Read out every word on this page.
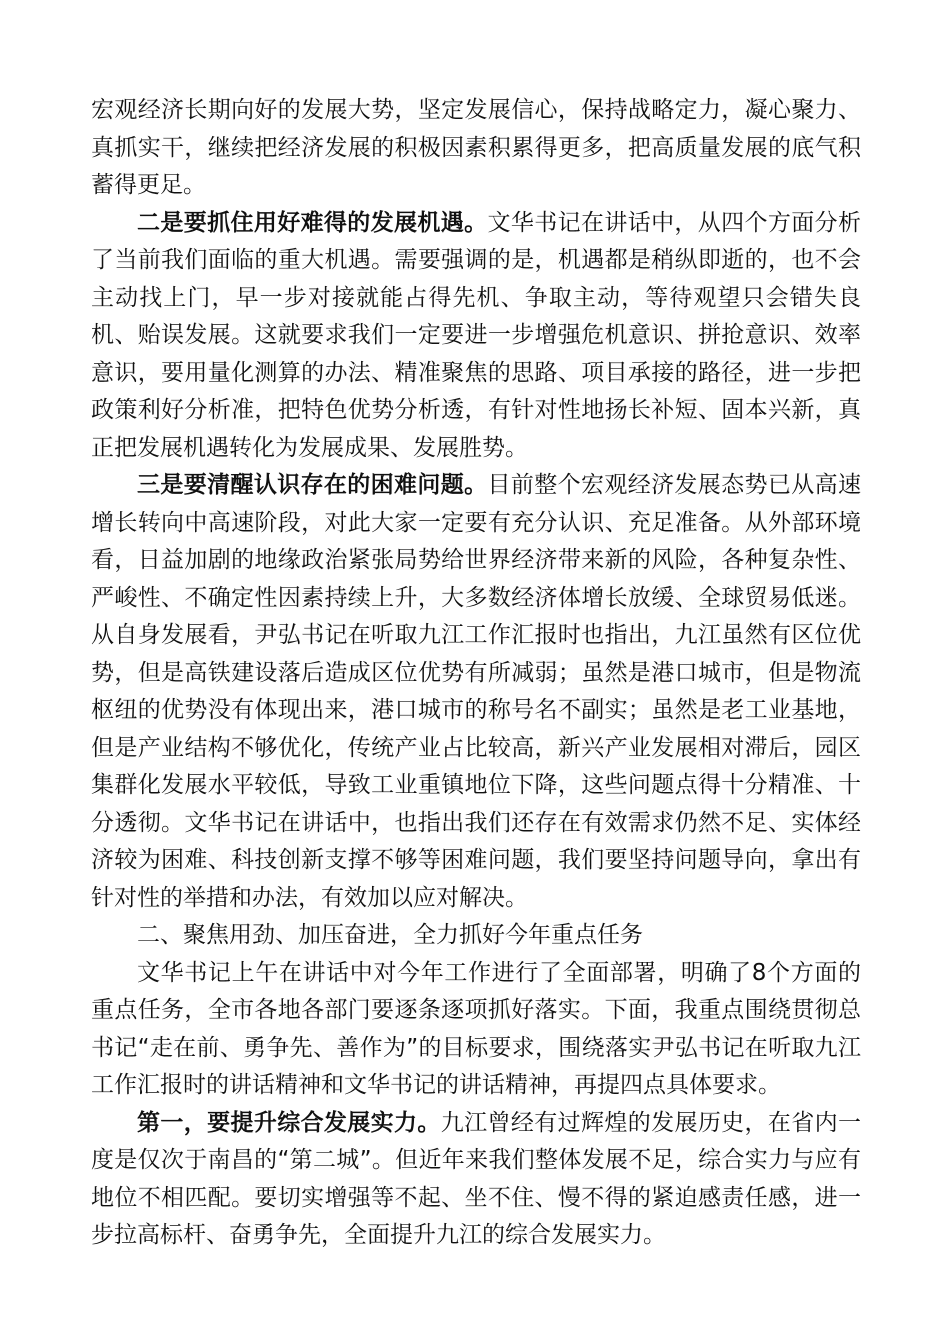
宏观经济长期向好的发展大势，坚定发展信心，保持战略定力，凝心聚力、真抓实干，继续把经济发展的积极因素积累得更多，把高质量发展的底气积蓄得更足。

二是要抓住用好难得的发展机遇。文华书记在讲话中，从四个方面分析了当前我们面临的重大机遇。需要强调的是，机遇都是稍纵即逝的，也不会主动找上门，早一步对接就能占得先机、争取主动，等待观望只会错失良机、贻误发展。这就要求我们一定要进一步增强危机意识、拼抢意识、效率意识，要用量化测算的办法、精准聚焦的思路、项目承接的路径，进一步把政策利好分析准，把特色优势分析透，有针对性地扬长补短、固本兴新，真正把发展机遇转化为发展成果、发展胜势。

三是要清醒认识存在的困难问题。目前整个宏观经济发展态势已从高速增长转向中高速阶段，对此大家一定要有充分认识、充足准备。从外部环境看，日益加剧的地缘政治紧张局势给世界经济带来新的风险，各种复杂性、严峻性、不确定性因素持续上升，大多数经济体增长放缓、全球贸易低迷。从自身发展看，尹弘书记在听取九江工作汇报时也指出，九江虽然有区位优势，但是高铁建设落后造成区位优势有所减弱；虽然是港口城市，但是物流枢纽的优势没有体现出来，港口城市的称号名不副实；虽然是老工业基地，但是产业结构不够优化，传统产业占比较高，新兴产业发展相对滞后，园区集群化发展水平较低，导致工业重镇地位下降，这些问题点得十分精准、十分透彻。文华书记在讲话中，也指出我们还存在有效需求仍然不足、实体经济较为困难、科技创新支撑不够等困难问题，我们要坚持问题导向，拿出有针对性的举措和办法，有效加以应对解决。

二、聚焦用劲、加压奋进，全力抓好今年重点任务

文华书记上午在讲话中对今年工作进行了全面部署，明确了8个方面的重点任务，全市各地各部门要逐条逐项抓好落实。下面，我重点围绕贯彻总书记“走在前、勇争先、善作为”的目标要求，围绕落实尹弘书记在听取九江工作汇报时的讲话精神和文华书记的讲话精神，再提四点具体要求。

第一，要提升综合发展实力。九江曾经有过辉煌的发展历史，在省内一度是仅次于南昌的“第二城”。但近年来我们整体发展不足，综合实力与应有地位不相匹配。要切实增强等不起、坐不住、慢不得的紧迫感责任感，进一步拉高标杆、奋勇争先，全面提升九江的综合发展实力。
